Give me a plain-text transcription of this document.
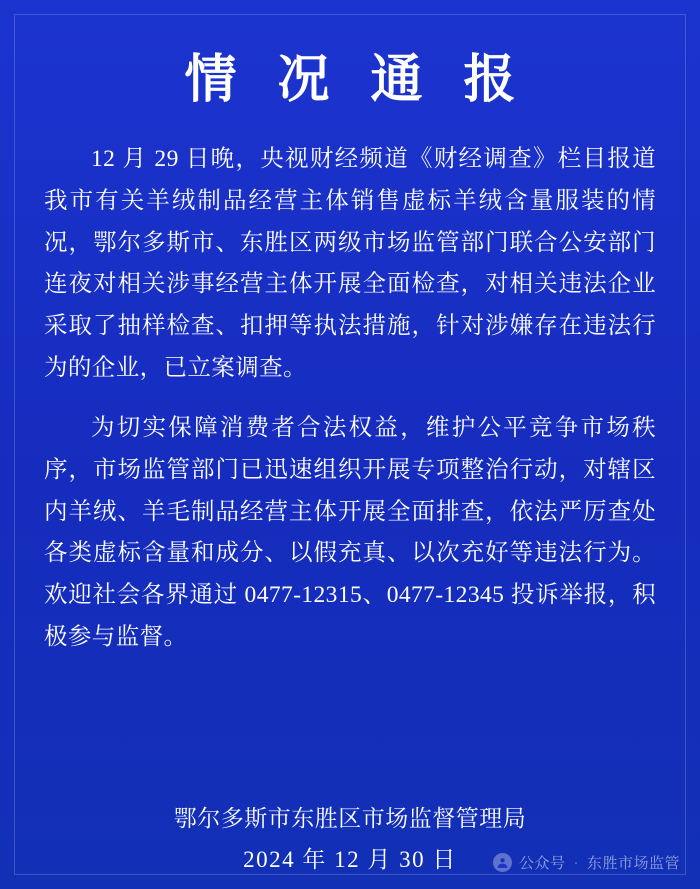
情 况 通 报

12 月 29 日晚，央视财经频道《财经调查》栏目报道我市有关羊绒制品经营主体销售虚标羊绒含量服装的情况，鄂尔多斯市、东胜区两级市场监管部门联合公安部门连夜对相关涉事经营主体开展全面检查，对相关违法企业采取了抽样检查、扣押等执法措施，针对涉嫌存在违法行为的企业，已立案调查。

为切实保障消费者合法权益，维护公平竞争市场秩序，市场监管部门已迅速组织开展专项整治行动，对辖区内羊绒、羊毛制品经营主体开展全面排查，依法严厉查处各类虚标含量和成分、以假充真、以次充好等违法行为。欢迎社会各界通过 0477-12315、0477-12345 投诉举报，积极参与监督。

鄂尔多斯市东胜区市场监督管理局
2024 年 12 月 30 日	公众号 · 东胜市场监管
